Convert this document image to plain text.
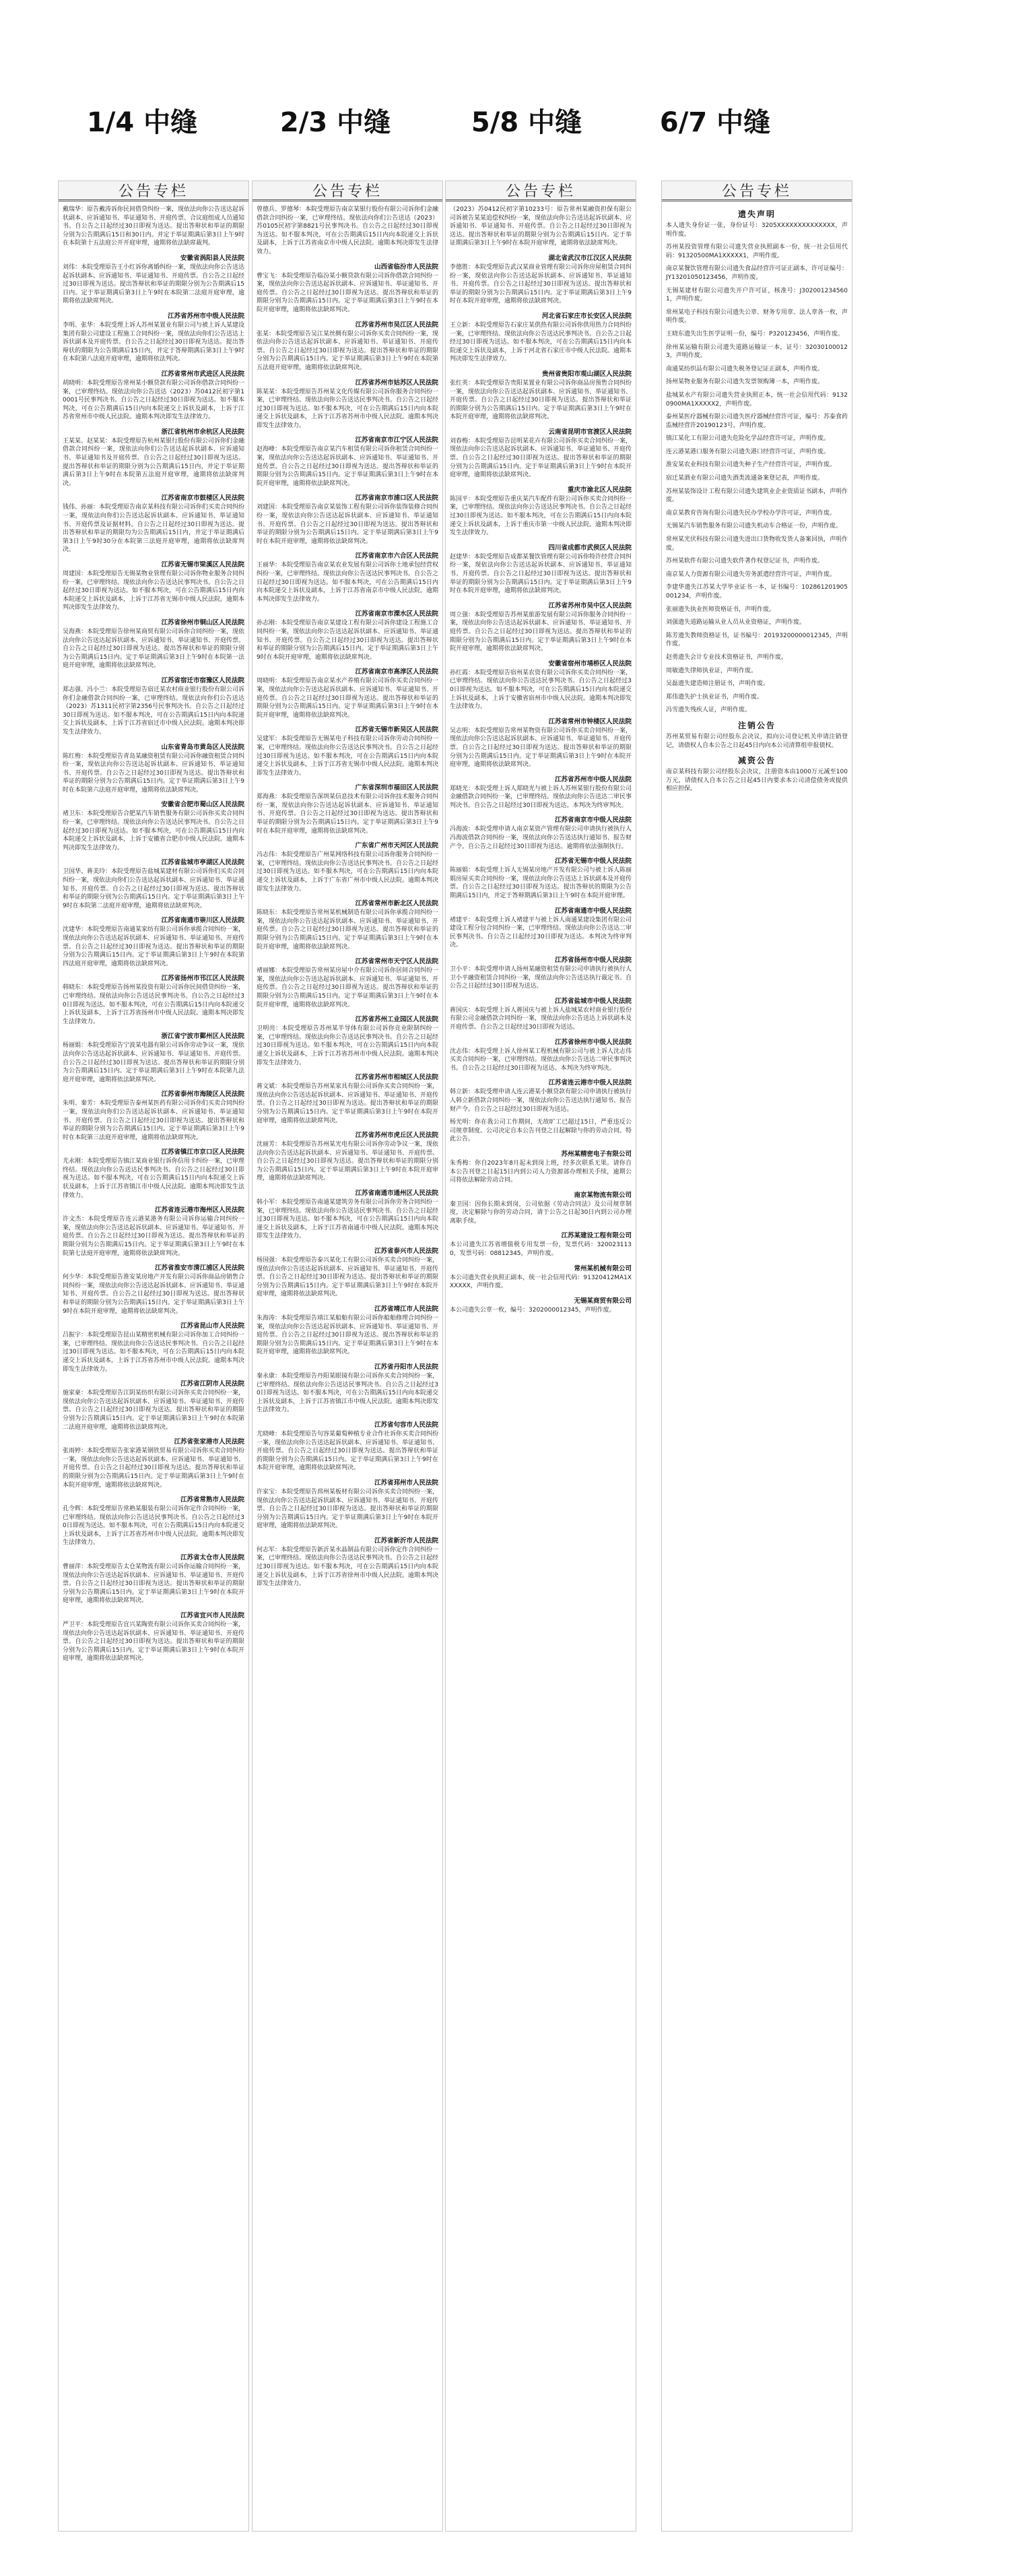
1/4 中缝	2/3 中缝	5/8 中缝	6/7 中缝
公告专栏
戴瑞华：原告戴涛诉你民间借贷纠纷一案，现依法向你公告送达起诉状副本、应诉通知书、举证通知书、开庭传票、合议庭组成人员通知书。自公告之日起经过30日即视为送达。提出答辩状和举证的期限分别为公告期满后15日和30日内。并定于举证期满后第3日上午9时在本院第十五法庭公开开庭审理，逾期将依法缺席裁判。
安徽省涡阳县人民法院
刘伟：本院受理原告王小红诉你离婚纠纷一案，现依法向你公告送达起诉状副本、应诉通知书、举证通知书、开庭传票。自公告之日起经过30日即视为送达。提出答辩状和举证的期限分别为公告期满后15日内。定于举证期满后第3日上午9时在本院第二法庭开庭审理，逾期将依法缺席判决。
江苏省苏州市中级人民法院
李明、张华：本院受理上诉人苏州某置业有限公司与被上诉人某建设集团有限公司建设工程施工合同纠纷一案，现依法向你们公告送达上诉状副本及开庭传票。自公告之日起经过30日即视为送达。提出答辩状的期限为公告期满后15日内，并定于答辩期满后第3日上午9时在本院第八法庭开庭审理，逾期将依法判决。
江苏省常州市武进区人民法院
胡晓明：本院受理原告常州某小额贷款有限公司诉你借款合同纠纷一案，已审理终结。现依法向你公告送达（2023）苏0412民初字第10001号民事判决书。自公告之日起经过30日即视为送达。如不服本判决，可在公告期满后15日内向本院递交上诉状及副本，上诉于江苏省常州市中级人民法院。逾期本判决即发生法律效力。
浙江省杭州市余杭区人民法院
王某某、赵某某：本院受理原告杭州某银行股份有限公司诉你们金融借款合同纠纷一案，现依法向你们公告送达起诉状副本、应诉通知书、举证通知书及开庭传票。自公告之日起经过30日即视为送达。提出答辩状和举证的期限分别为公告期满后15日内，并定于举证期满后第3日上午9时在本院第五法庭开庭审理，逾期将依法缺席判决。
江苏省南京市鼓楼区人民法院
钱伟、孙丽：本院受理原告南京某科技有限公司诉你们买卖合同纠纷一案，现依法向你们公告送达起诉状副本、应诉通知书、举证通知书、开庭传票及证据材料。自公告之日起经过30日即视为送达。提出答辩状和举证的期限均为公告期满后15日内，并定于举证期满后第3日上午9时30分在本院第三法庭开庭审理，逾期将依法缺席判决。
江苏省无锡市梁溪区人民法院
周建国：本院受理原告无锡某物业管理有限公司诉你物业服务合同纠纷一案，已审理终结。现依法向你公告送达民事判决书。自公告之日起经过30日即视为送达。如不服本判决，可在公告期满后15日内向本院递交上诉状及副本，上诉于江苏省无锡市中级人民法院。逾期本判决即发生法律效力。
江苏省徐州市铜山区人民法院
吴海燕：本院受理原告徐州某商贸有限公司诉你合同纠纷一案，现依法向你公告送达起诉状副本、应诉通知书、举证通知书、开庭传票。自公告之日起经过30日即视为送达。提出答辩状和举证的期限分别为公告期满后15日内。定于举证期满后第3日上午9时在本院第一法庭开庭审理，逾期将依法缺席判决。
江苏省宿迁市宿豫区人民法院
郑志强、冯小兰：本院受理原告宿迁某农村商业银行股份有限公司诉你们金融借款合同纠纷一案，已审理终结。现依法向你们公告送达（2023）苏1311民初字第2356号民事判决书。自公告之日起经过30日即视为送达。如不服本判决，可在公告期满后15日内向本院递交上诉状及副本，上诉于江苏省宿迁市中级人民法院。逾期本判决即发生法律效力。
山东省青岛市黄岛区人民法院
陈红梅：本院受理原告青岛某融资租赁有限公司诉你融资租赁合同纠纷一案，现依法向你公告送达起诉状副本、应诉通知书、举证通知书、开庭传票。自公告之日起经过30日即视为送达。提出答辩状和举证的期限分别为公告期满后15日内。定于举证期满后第3日上午9时在本院第六法庭开庭审理，逾期将依法缺席判决。
安徽省合肥市蜀山区人民法院
褚卫东：本院受理原告合肥某汽车销售服务有限公司诉你买卖合同纠纷一案，已审理终结。现依法向你公告送达民事判决书。自公告之日起经过30日即视为送达。如不服本判决，可在公告期满后15日内向本院递交上诉状及副本，上诉于安徽省合肥市中级人民法院。逾期本判决即发生法律效力。
江苏省盐城市亭湖区人民法院
卫国华、蒋美玲：本院受理原告盐城某建材有限公司诉你们买卖合同纠纷一案，现依法向你们公告送达起诉状副本、应诉通知书、举证通知书、开庭传票。自公告之日起经过30日即视为送达。提出答辩状和举证的期限分别为公告期满后15日内。定于举证期满后第3日上午9时在本院第二法庭开庭审理，逾期将依法缺席判决。
江苏省南通市崇川区人民法院
沈建华：本院受理原告南通某家纺有限公司诉你承揽合同纠纷一案，现依法向你公告送达起诉状副本、应诉通知书、举证通知书、开庭传票。自公告之日起经过30日即视为送达。提出答辩状和举证的期限分别为公告期满后15日内。定于举证期满后第3日上午9时在本院第四法庭开庭审理，逾期将依法缺席判决。
江苏省扬州市邗江区人民法院
韩晓东：本院受理原告扬州某投资有限公司诉你民间借贷纠纷一案，已审理终结。现依法向你公告送达民事判决书。自公告之日起经过30日即视为送达。如不服本判决，可在公告期满后15日内向本院递交上诉状及副本，上诉于江苏省扬州市中级人民法院。逾期本判决即发生法律效力。
浙江省宁波市鄞州区人民法院
杨丽娟：本院受理原告宁波某电器有限公司诉你劳动争议一案，现依法向你公告送达起诉状副本、应诉通知书、举证通知书、开庭传票。自公告之日起经过30日即视为送达。提出答辩状和举证的期限分别为公告期满后15日内。定于举证期满后第3日上午9时在本院第九法庭开庭审理，逾期将依法缺席判决。
江苏省泰州市海陵区人民法院
朱明、秦芳：本院受理原告泰州某医药有限公司诉你们买卖合同纠纷一案，现依法向你们公告送达起诉状副本、应诉通知书、举证通知书、开庭传票。自公告之日起经过30日即视为送达。提出答辩状和举证的期限分别为公告期满后15日内。定于举证期满后第3日上午9时在本院第三法庭开庭审理，逾期将依法缺席判决。
江苏省镇江市京口区人民法院
尤永刚：本院受理原告镇江某商业银行诉你信用卡纠纷一案，已审理终结。现依法向你公告送达民事判决书。自公告之日起经过30日即视为送达。如不服本判决，可在公告期满后15日内向本院递交上诉状及副本，上诉于江苏省镇江市中级人民法院。逾期本判决即发生法律效力。
江苏省连云港市海州区人民法院
许文杰：本院受理原告连云港某港务有限公司诉你运输合同纠纷一案，现依法向你公告送达起诉状副本、应诉通知书、举证通知书、开庭传票。自公告之日起经过30日即视为送达。提出答辩状和举证的期限分别为公告期满后15日内。定于举证期满后第3日上午9时在本院第七法庭开庭审理，逾期将依法缺席判决。
江苏省淮安市清江浦区人民法院
何少华：本院受理原告淮安某房地产开发有限公司诉你商品房销售合同纠纷一案，现依法向你公告送达起诉状副本、应诉通知书、举证通知书、开庭传票。自公告之日起经过30日即视为送达。提出答辩状和举证的期限分别为公告期满后15日内。定于举证期满后第3日上午9时在本院开庭审理，逾期将依法缺席判决。
江苏省昆山市人民法院
吕振宇：本院受理原告昆山某精密机械有限公司诉你加工合同纠纷一案，已审理终结。现依法向你公告送达民事判决书。自公告之日起经过30日即视为送达。如不服本判决，可在公告期满后15日内向本院递交上诉状及副本，上诉于江苏省苏州市中级人民法院。逾期本判决即发生法律效力。
江苏省江阴市人民法院
施家豪：本院受理原告江阴某纺织有限公司诉你买卖合同纠纷一案，现依法向你公告送达起诉状副本、应诉通知书、举证通知书、开庭传票。自公告之日起经过30日即视为送达。提出答辩状和举证的期限分别为公告期满后15日内。定于举证期满后第3日上午9时在本院第二法庭开庭审理，逾期将依法缺席判决。
江苏省张家港市人民法院
张雨婷：本院受理原告张家港某钢铁贸易有限公司诉你买卖合同纠纷一案，现依法向你公告送达起诉状副本、应诉通知书、举证通知书、开庭传票。自公告之日起经过30日即视为送达。提出答辩状和举证的期限分别为公告期满后15日内。定于举证期满后第3日上午9时在本院开庭审理，逾期将依法缺席判决。
江苏省常熟市人民法院
孔令辉：本院受理原告常熟某服装有限公司诉你定作合同纠纷一案，已审理终结。现依法向你公告送达民事判决书。自公告之日起经过30日即视为送达。如不服本判决，可在公告期满后15日内向本院递交上诉状及副本，上诉于江苏省苏州市中级人民法院。逾期本判决即发生法律效力。
江苏省太仓市人民法院
曹丽萍：本院受理原告太仓某物流有限公司诉你运输合同纠纷一案，现依法向你公告送达起诉状副本、应诉通知书、举证通知书、开庭传票。自公告之日起经过30日即视为送达。提出答辩状和举证的期限分别为公告期满后15日内。定于举证期满后第3日上午9时在本院开庭审理，逾期将依法缺席判决。
江苏省宜兴市人民法院
严卫平：本院受理原告宜兴某陶瓷有限公司诉你买卖合同纠纷一案，现依法向你公告送达起诉状副本、应诉通知书、举证通知书、开庭传票。自公告之日起经过30日即视为送达。提出答辩状和举证的期限分别为公告期满后15日内。定于举证期满后第3日上午9时在本院开庭审理，逾期将依法缺席判决。
公告专栏
曾德兵、罗德琴：本院受理原告南京某银行股份有限公司诉你们金融借款合同纠纷一案，已审理终结。现依法向你们公告送达（2023）苏0105民初字第8821号民事判决书。自公告之日起经过30日即视为送达。如不服本判决，可在公告期满后15日内向本院递交上诉状及副本，上诉于江苏省南京市中级人民法院。逾期本判决即发生法律效力。
山西省临汾市人民法院
曹宝飞：本院受理原告临汾某小额贷款有限公司诉你借款合同纠纷一案，现依法向你公告送达起诉状副本、应诉通知书、举证通知书、开庭传票。自公告之日起经过30日即视为送达。提出答辩状和举证的期限分别为公告期满后15日内。定于举证期满后第3日上午9时在本院开庭审理，逾期将依法缺席判决。
江苏省苏州市吴江区人民法院
张某：本院受理原告吴江某丝绸有限公司诉你买卖合同纠纷一案，现依法向你公告送达起诉状副本、应诉通知书、举证通知书、开庭传票。自公告之日起经过30日即视为送达。提出答辩状和举证的期限分别为公告期满后15日内。定于举证期满后第3日上午9时在本院第五法庭开庭审理，逾期将依法缺席判决。
江苏省苏州市姑苏区人民法院
陈某某：本院受理原告苏州某文化传媒有限公司诉你服务合同纠纷一案，已审理终结。现依法向你公告送达民事判决书。自公告之日起经过30日即视为送达。如不服本判决，可在公告期满后15日内向本院递交上诉状及副本，上诉于江苏省苏州市中级人民法院。逾期本判决即发生法律效力。
江苏省南京市江宁区人民法院
赵海峰：本院受理原告南京某汽车租赁有限公司诉你租赁合同纠纷一案，现依法向你公告送达起诉状副本、应诉通知书、举证通知书、开庭传票。自公告之日起经过30日即视为送达。提出答辩状和举证的期限分别为公告期满后15日内。定于举证期满后第3日上午9时在本院开庭审理，逾期将依法缺席判决。
江苏省南京市浦口区人民法院
刘建国：本院受理原告南京某装饰工程有限公司诉你装饰装修合同纠纷一案，现依法向你公告送达起诉状副本、应诉通知书、举证通知书、开庭传票。自公告之日起经过30日即视为送达。提出答辩状和举证的期限分别为公告期满后15日内。定于举证期满后第3日上午9时在本院开庭审理，逾期将依法缺席判决。
江苏省南京市六合区人民法院
王丽华：本院受理原告南京某农业发展有限公司诉你土地承包经营权纠纷一案，已审理终结。现依法向你公告送达民事判决书。自公告之日起经过30日即视为送达。如不服本判决，可在公告期满后15日内向本院递交上诉状及副本，上诉于江苏省南京市中级人民法院。逾期本判决即发生法律效力。
江苏省南京市溧水区人民法院
孙志刚：本院受理原告南京某建设工程有限公司诉你建设工程施工合同纠纷一案，现依法向你公告送达起诉状副本、应诉通知书、举证通知书、开庭传票。自公告之日起经过30日即视为送达。提出答辩状和举证的期限分别为公告期满后15日内。定于举证期满后第3日上午9时在本院开庭审理，逾期将依法缺席判决。
江苏省南京市高淳区人民法院
周晓明：本院受理原告南京某水产养殖有限公司诉你买卖合同纠纷一案，现依法向你公告送达起诉状副本、应诉通知书、举证通知书、开庭传票。自公告之日起经过30日即视为送达。提出答辩状和举证的期限分别为公告期满后15日内。定于举证期满后第3日上午9时在本院开庭审理，逾期将依法缺席判决。
江苏省无锡市新吴区人民法院
吴建军：本院受理原告无锡某电子科技有限公司诉你劳动合同纠纷一案，已审理终结。现依法向你公告送达民事判决书。自公告之日起经过30日即视为送达。如不服本判决，可在公告期满后15日内向本院递交上诉状及副本，上诉于江苏省无锡市中级人民法院。逾期本判决即发生法律效力。
广东省深圳市福田区人民法院
郑海燕：本院受理原告深圳某信息技术有限公司诉你技术服务合同纠纷一案，现依法向你公告送达起诉状副本、应诉通知书、举证通知书、开庭传票。自公告之日起经过30日即视为送达。提出答辩状和举证的期限分别为公告期满后15日内。定于举证期满后第3日上午9时在本院开庭审理，逾期将依法缺席判决。
广东省广州市天河区人民法院
冯志伟：本院受理原告广州某网络科技有限公司诉你服务合同纠纷一案，已审理终结。现依法向你公告送达民事判决书。自公告之日起经过30日即视为送达。如不服本判决，可在公告期满后15日内向本院递交上诉状及副本，上诉于广东省广州市中级人民法院。逾期本判决即发生法律效力。
江苏省常州市新北区人民法院
陈晓东：本院受理原告常州某机械制造有限公司诉你承揽合同纠纷一案，现依法向你公告送达起诉状副本、应诉通知书、举证通知书、开庭传票。自公告之日起经过30日即视为送达。提出答辩状和举证的期限分别为公告期满后15日内。定于举证期满后第3日上午9时在本院开庭审理，逾期将依法缺席判决。
江苏省常州市天宁区人民法院
褚丽娜：本院受理原告常州某房屋中介有限公司诉你居间合同纠纷一案，现依法向你公告送达起诉状副本、应诉通知书、举证通知书、开庭传票。自公告之日起经过30日即视为送达。提出答辩状和举证的期限分别为公告期满后15日内。定于举证期满后第3日上午9时在本院开庭审理，逾期将依法缺席判决。
江苏省苏州工业园区人民法院
卫明亮：本院受理原告苏州某半导体有限公司诉你竞业限制纠纷一案，已审理终结。现依法向你公告送达民事判决书。自公告之日起经过30日即视为送达。如不服本判决，可在公告期满后15日内向本院递交上诉状及副本，上诉于江苏省苏州市中级人民法院。逾期本判决即发生法律效力。
江苏省苏州市相城区人民法院
蒋文斌：本院受理原告苏州某家具有限公司诉你买卖合同纠纷一案，现依法向你公告送达起诉状副本、应诉通知书、举证通知书、开庭传票。自公告之日起经过30日即视为送达。提出答辩状和举证的期限分别为公告期满后15日内。定于举证期满后第3日上午9时在本院开庭审理，逾期将依法缺席判决。
江苏省苏州市虎丘区人民法院
沈丽芳：本院受理原告苏州某光电有限公司诉你劳动争议一案，现依法向你公告送达起诉状副本、应诉通知书、举证通知书、开庭传票。自公告之日起经过30日即视为送达。提出答辩状和举证的期限分别为公告期满后15日内。定于举证期满后第3日上午9时在本院开庭审理，逾期将依法缺席判决。
江苏省南通市通州区人民法院
韩小军：本院受理原告南通某建筑劳务有限公司诉你劳务合同纠纷一案，已审理终结。现依法向你公告送达民事判决书。自公告之日起经过30日即视为送达。如不服本判决，可在公告期满后15日内向本院递交上诉状及副本，上诉于江苏省南通市中级人民法院。逾期本判决即发生法律效力。
江苏省泰兴市人民法院
杨国强：本院受理原告泰兴某化工有限公司诉你买卖合同纠纷一案，现依法向你公告送达起诉状副本、应诉通知书、举证通知书、开庭传票。自公告之日起经过30日即视为送达。提出答辩状和举证的期限分别为公告期满后15日内。定于举证期满后第3日上午9时在本院开庭审理，逾期将依法缺席判决。
江苏省靖江市人民法院
朱海涛：本院受理原告靖江某船舶有限公司诉你船舶修理合同纠纷一案，现依法向你公告送达起诉状副本、应诉通知书、举证通知书、开庭传票。自公告之日起经过30日即视为送达。提出答辩状和举证的期限分别为公告期满后15日内。定于举证期满后第3日上午9时在本院开庭审理，逾期将依法缺席判决。
江苏省丹阳市人民法院
秦永康：本院受理原告丹阳某眼镜有限公司诉你买卖合同纠纷一案，已审理终结。现依法向你公告送达民事判决书。自公告之日起经过30日即视为送达。如不服本判决，可在公告期满后15日内向本院递交上诉状及副本，上诉于江苏省镇江市中级人民法院。逾期本判决即发生法律效力。
江苏省句容市人民法院
尤晓峰：本院受理原告句容某葡萄种植专业合作社诉你买卖合同纠纷一案，现依法向你公告送达起诉状副本、应诉通知书、举证通知书、开庭传票。自公告之日起经过30日即视为送达。提出答辩状和举证的期限分别为公告期满后15日内。定于举证期满后第3日上午9时在本院开庭审理，逾期将依法缺席判决。
江苏省邳州市人民法院
许家宝：本院受理原告邳州某板材有限公司诉你买卖合同纠纷一案，现依法向你公告送达起诉状副本、应诉通知书、举证通知书、开庭传票。自公告之日起经过30日即视为送达。提出答辩状和举证的期限分别为公告期满后15日内。定于举证期满后第3日上午9时在本院开庭审理，逾期将依法缺席判决。
江苏省新沂市人民法院
何志军：本院受理原告新沂某水晶制品有限公司诉你定作合同纠纷一案，已审理终结。现依法向你公告送达民事判决书。自公告之日起经过30日即视为送达。如不服本判决，可在公告期满后15日内向本院递交上诉状及副本，上诉于江苏省徐州市中级人民法院。逾期本判决即发生法律效力。
公告专栏
（2023）苏0412民初字第10233号：原告常州某融资担保有限公司诉被告某某追偿权纠纷一案，现依法向你公告送达起诉状副本、应诉通知书、举证通知书、开庭传票。自公告之日起经过30日即视为送达。提出答辩状和举证的期限分别为公告期满后15日内。定于举证期满后第3日上午9时在本院开庭审理，逾期将依法缺席判决。
湖北省武汉市江汉区人民法院
李德胜：本院受理原告武汉某商业管理有限公司诉你房屋租赁合同纠纷一案，现依法向你公告送达起诉状副本、应诉通知书、举证通知书、开庭传票。自公告之日起经过30日即视为送达。提出答辩状和举证的期限分别为公告期满后15日内。定于举证期满后第3日上午9时在本院开庭审理，逾期将依法缺席判决。
河北省石家庄市长安区人民法院
王立新：本院受理原告石家庄某供热有限公司诉你供用热力合同纠纷一案，已审理终结。现依法向你公告送达民事判决书。自公告之日起经过30日即视为送达。如不服本判决，可在公告期满后15日内向本院递交上诉状及副本，上诉于河北省石家庄市中级人民法院。逾期本判决即发生法律效力。
贵州省贵阳市观山湖区人民法院
张红英：本院受理原告贵阳某置业有限公司诉你商品房预售合同纠纷一案，现依法向你公告送达起诉状副本、应诉通知书、举证通知书、开庭传票。自公告之日起经过30日即视为送达。提出答辩状和举证的期限分别为公告期满后15日内。定于举证期满后第3日上午9时在本院开庭审理，逾期将依法缺席判决。
云南省昆明市官渡区人民法院
刘春梅：本院受理原告昆明某花卉有限公司诉你买卖合同纠纷一案，现依法向你公告送达起诉状副本、应诉通知书、举证通知书、开庭传票。自公告之日起经过30日即视为送达。提出答辩状和举证的期限分别为公告期满后15日内。定于举证期满后第3日上午9时在本院开庭审理，逾期将依法缺席判决。
重庆市渝北区人民法院
陈国平：本院受理原告重庆某汽车配件有限公司诉你买卖合同纠纷一案，已审理终结。现依法向你公告送达民事判决书。自公告之日起经过30日即视为送达。如不服本判决，可在公告期满后15日内向本院递交上诉状及副本，上诉于重庆市第一中级人民法院。逾期本判决即发生法律效力。
四川省成都市武侯区人民法院
赵建华：本院受理原告成都某餐饮管理有限公司诉你特许经营合同纠纷一案，现依法向你公告送达起诉状副本、应诉通知书、举证通知书、开庭传票。自公告之日起经过30日即视为送达。提出答辩状和举证的期限分别为公告期满后15日内。定于举证期满后第3日上午9时在本院开庭审理，逾期将依法缺席判决。
江苏省苏州市吴中区人民法院
周立强：本院受理原告苏州某旅游发展有限公司诉你服务合同纠纷一案，现依法向你公告送达起诉状副本、应诉通知书、举证通知书、开庭传票。自公告之日起经过30日即视为送达。提出答辩状和举证的期限分别为公告期满后15日内。定于举证期满后第3日上午9时在本院开庭审理，逾期将依法缺席判决。
安徽省宿州市埇桥区人民法院
孙红霞：本院受理原告宿州某农资有限公司诉你买卖合同纠纷一案，已审理终结。现依法向你公告送达民事判决书。自公告之日起经过30日即视为送达。如不服本判决，可在公告期满后15日内向本院递交上诉状及副本，上诉于安徽省宿州市中级人民法院。逾期本判决即发生法律效力。
江苏省常州市钟楼区人民法院
吴志明：本院受理原告常州某物资有限公司诉你买卖合同纠纷一案，现依法向你公告送达起诉状副本、应诉通知书、举证通知书、开庭传票。自公告之日起经过30日即视为送达。提出答辩状和举证的期限分别为公告期满后15日内。定于举证期满后第3日上午9时在本院开庭审理，逾期将依法缺席判决。
江苏省苏州市中级人民法院
郑晓光：本院受理上诉人郑晓光与被上诉人苏州某银行股份有限公司金融借款合同纠纷一案，已审理终结。现依法向你公告送达二审民事判决书。自公告之日起经过30日即视为送达。本判决为终审判决。
江苏省南京市中级人民法院
冯海波：本院受理申请人南京某资产管理有限公司申请执行被执行人冯海波借款合同纠纷一案，现依法向你公告送达执行通知书、报告财产令。自公告之日起经过30日即视为送达。逾期将依法强制执行。
江苏省无锡市中级人民法院
陈丽娟：本院受理上诉人无锡某房地产开发有限公司与被上诉人陈丽娟房屋买卖合同纠纷一案，现依法向你公告送达上诉状副本及开庭传票。自公告之日起经过30日即视为送达。提出答辩状的期限为公告期满后15日内，并定于答辩期满后第3日上午9时在本院开庭审理。
江苏省南通市中级人民法院
褚建平：本院受理上诉人褚建平与被上诉人南通某建设集团有限公司建设工程分包合同纠纷一案，已审理终结。现依法向你公告送达二审民事判决书。自公告之日起经过30日即视为送达。本判决为终审判决。
江苏省扬州市中级人民法院
卫小平：本院受理申请人扬州某融资租赁有限公司申请执行被执行人卫小平融资租赁合同纠纷一案，现依法向你公告送达执行裁定书。自公告之日起经过30日即视为送达。
江苏省盐城市中级人民法院
蒋国庆：本院受理上诉人蒋国庆与被上诉人盐城某农村商业银行股份有限公司金融借款合同纠纷一案，现依法向你公告送达上诉状副本及开庭传票。自公告之日起经过30日即视为送达。
江苏省徐州市中级人民法院
沈志伟：本院受理上诉人徐州某工程机械有限公司与被上诉人沈志伟买卖合同纠纷一案，已审理终结。现依法向你公告送达二审民事判决书。自公告之日起经过30日即视为送达。本判决为终审判决。
江苏省连云港市中级人民法院
韩立新：本院受理申请人连云港某小额贷款有限公司申请执行被执行人韩立新借款合同纠纷一案，现依法向你公告送达执行通知书、报告财产令。自公告之日起经过30日即视为送达。
杨光明：你在我公司工作期间，无故旷工已超过15日，严重违反公司规章制度。公司决定自本公告刊登之日起解除与你的劳动合同。特此公告。
苏州某精密电子有限公司
朱秀梅：你自2023年8月起未到岗上班，经多次联系无果。请你自本公告刊登之日起15日内到公司人力资源部办理相关手续，逾期公司将依法解除劳动合同。
南京某物流有限公司
秦卫国：因你长期未到岗，公司依据《劳动合同法》及公司规章制度，决定解除与你的劳动合同，请于公告之日起30日内到公司办理离职手续。
江苏某建设工程有限公司
本公司遗失江苏省增值税专用发票一份，发票代码：3200231130，发票号码：08812345，声明作废。
常州某机械有限公司
本公司遗失营业执照正副本，统一社会信用代码：91320412MA1XXXXXX，声明作废。
无锡某商贸有限公司
本公司遗失公章一枚，编号：3202000012345，声明作废。
公告专栏
遗失声明
本人遗失身份证一张，身份证号：3205XXXXXXXXXXXXXX，声明作废。
苏州某投资管理有限公司遗失营业执照副本一份，统一社会信用代码：91320500MA1XXXXX1，声明作废。
南京某餐饮管理有限公司遗失食品经营许可证正副本，许可证编号：JY13201050123456，声明作废。
无锡某建材有限公司遗失开户许可证，核准号：J3020012345601，声明作废。
常州某电子科技有限公司遗失公章、财务专用章、法人章各一枚，声明作废。
王晓东遗失出生医学证明一份，编号：P320123456，声明作废。
徐州某运输有限公司遗失道路运输证一本，证号：320301000123，声明作废。
南通某纺织品有限公司遗失税务登记证正副本，声明作废。
扬州某物业服务有限公司遗失发票领购簿一本，声明作废。
盐城某水产有限公司遗失营业执照正本，统一社会信用代码：91320900MA1XXXXX2，声明作废。
泰州某医疗器械有限公司遗失医疗器械经营许可证，编号：苏泰食药监械经营许20190123号，声明作废。
镇江某化工有限公司遗失危险化学品经营许可证，声明作废。
连云港某港口服务有限公司遗失港口经营许可证，声明作废。
淮安某农业科技有限公司遗失种子生产经营许可证，声明作废。
宿迁某酒业有限公司遗失酒类流通备案登记表，声明作废。
苏州某装饰设计工程有限公司遗失建筑业企业资质证书副本，声明作废。
南京某教育咨询有限公司遗失民办学校办学许可证，声明作废。
无锡某汽车销售服务有限公司遗失机动车合格证一份，声明作废。
常州某光伏科技有限公司遗失进出口货物收发货人备案回执，声明作废。
苏州某软件有限公司遗失软件著作权登记证书，声明作废。
南京某人力资源有限公司遗失劳务派遣经营许可证，声明作废。
李建华遗失江苏某大学毕业证书一本，证书编号：102861201905001234，声明作废。
张丽遗失执业医师资格证书，声明作废。
刘强遗失道路运输从业人员从业资格证，声明作废。
陈芳遗失教师资格证书，证书编号：20193200000012345，声明作废。
赵勇遗失会计专业技术资格证书，声明作废。
周敏遗失律师执业证，声明作废。
吴磊遗失建造师注册证书，声明作废。
郑伟遗失护士执业证书，声明作废。
冯雪遗失残疾人证，声明作废。
注销公告
苏州某贸易有限公司经股东会决议，拟向公司登记机关申请注销登记，请债权人自本公告之日起45日内向本公司清算组申报债权。
减资公告
南京某科技有限公司经股东会决议，注册资本由1000万元减至100万元，请债权人自本公告之日起45日内要求本公司清偿债务或提供相应担保。
